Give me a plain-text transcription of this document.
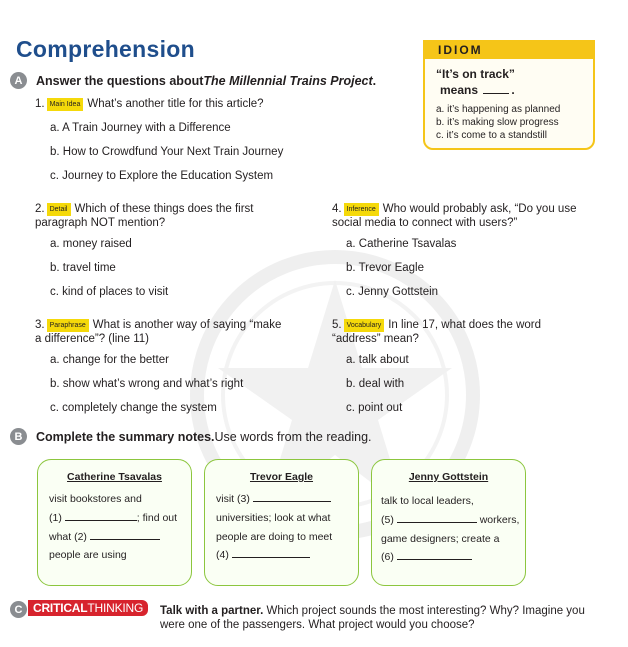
Comprehension	IDIOM
“It’s on track”
means	.
a. it’s happening as planned
b. it’s making slow progress
c. it’s come to a standstill
A	Answer the questions about The Millennial Trains Project .
1. Main Idea What’s another title for this article?
a. A Train Journey with a Difference
b. How to Crowdfund Your Next Train Journey
c. Journey to Explore the Education System
2. Detail Which of these things does the first
paragraph NOT mention?
a. money raised
b. travel time
c. kind of places to visit
3. Paraphrase What is another way of saying “make
a difference”? (line 11)
a. change for the better
b. show what’s wrong and what’s right
c. completely change the system
4. Inference Who would probably ask, “Do you use
social media to connect with users?”
a. Catherine Tsavalas
b. Trevor Eagle
c. Jenny Gottstein
5. Vocabulary In line 17, what does the word
“address” mean?
a. talk about
b. deal with
c. point out
B	Complete the summary notes. Use words from the reading.
Catherine Tsavalas
visit bookstores and
(1)	; find out
what (2)
people are using
Trevor Eagle
visit (3)
universities; look at what
people are doing to meet
(4)
Jenny Gottstein
talk to local leaders,
(5)	workers,
game designers; create a
(6)
C CRITICALTHINKING	Talk with a partner. Which project sounds the most interesting? Why? Imagine you were one of the passengers. What project would you choose?
